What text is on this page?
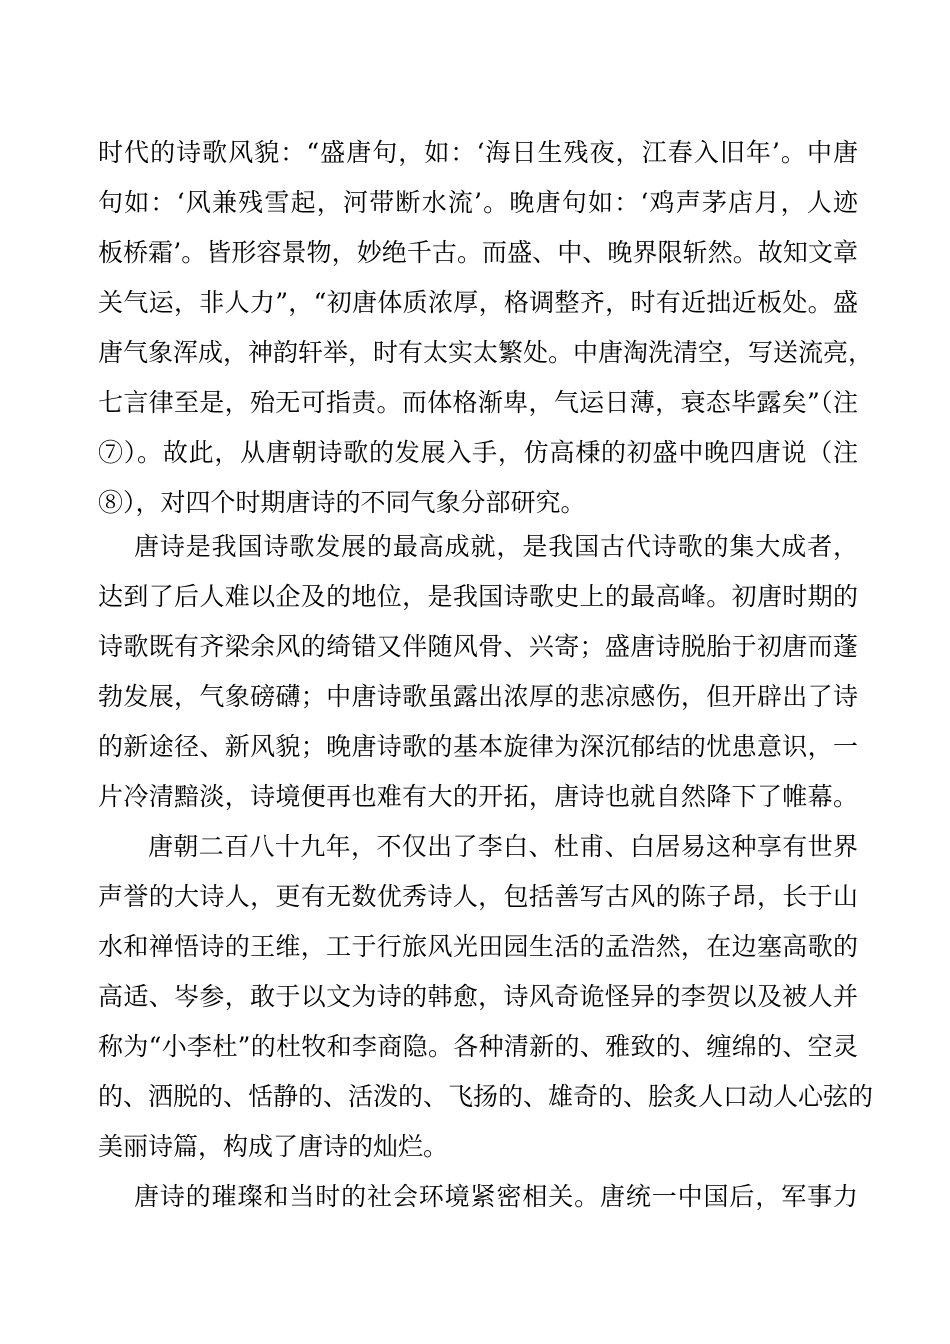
时代的诗歌风貌：“盛唐句，如：‘海日生残夜，江春入旧年’。中唐
句如：‘风兼残雪起，河带断水流’。晚唐句如：‘鸡声茅店月，人迹
板桥霜’。皆形容景物，妙绝千古。而盛、中、晚界限斩然。故知文章
关气运，非人力”，“初唐体质浓厚，格调整齐，时有近拙近板处。盛
唐气象浑成，神韵轩举，时有太实太繁处。中唐淘洗清空，写送流亮，
七言律至是，殆无可指责。而体格渐卑，气运日薄，衰态毕露矣”（注
⑦）。故此，从唐朝诗歌的发展入手，仿高棅的初盛中晚四唐说（注
⑧），对四个时期唐诗的不同气象分部研究。
唐诗是我国诗歌发展的最高成就，是我国古代诗歌的集大成者，
达到了后人难以企及的地位，是我国诗歌史上的最高峰。初唐时期的
诗歌既有齐梁余风的绮错又伴随风骨、兴寄；盛唐诗脱胎于初唐而蓬
勃发展，气象磅礴；中唐诗歌虽露出浓厚的悲凉感伤，但开辟出了诗
的新途径、新风貌；晚唐诗歌的基本旋律为深沉郁结的忧患意识，一
片冷清黯淡，诗境便再也难有大的开拓，唐诗也就自然降下了帷幕。
唐朝二百八十九年，不仅出了李白、杜甫、白居易这种享有世界
声誉的大诗人，更有无数优秀诗人，包括善写古风的陈子昂，长于山
水和禅悟诗的王维，工于行旅风光田园生活的孟浩然，在边塞高歌的
高适、岑参，敢于以文为诗的韩愈，诗风奇诡怪异的李贺以及被人并
称为“小李杜”的杜牧和李商隐。各种清新的、雅致的、缠绵的、空灵
的、洒脱的、恬静的、活泼的、飞扬的、雄奇的、脍炙人口动人心弦的
美丽诗篇，构成了唐诗的灿烂。
唐诗的璀璨和当时的社会环境紧密相关。唐统一中国后，军事力
